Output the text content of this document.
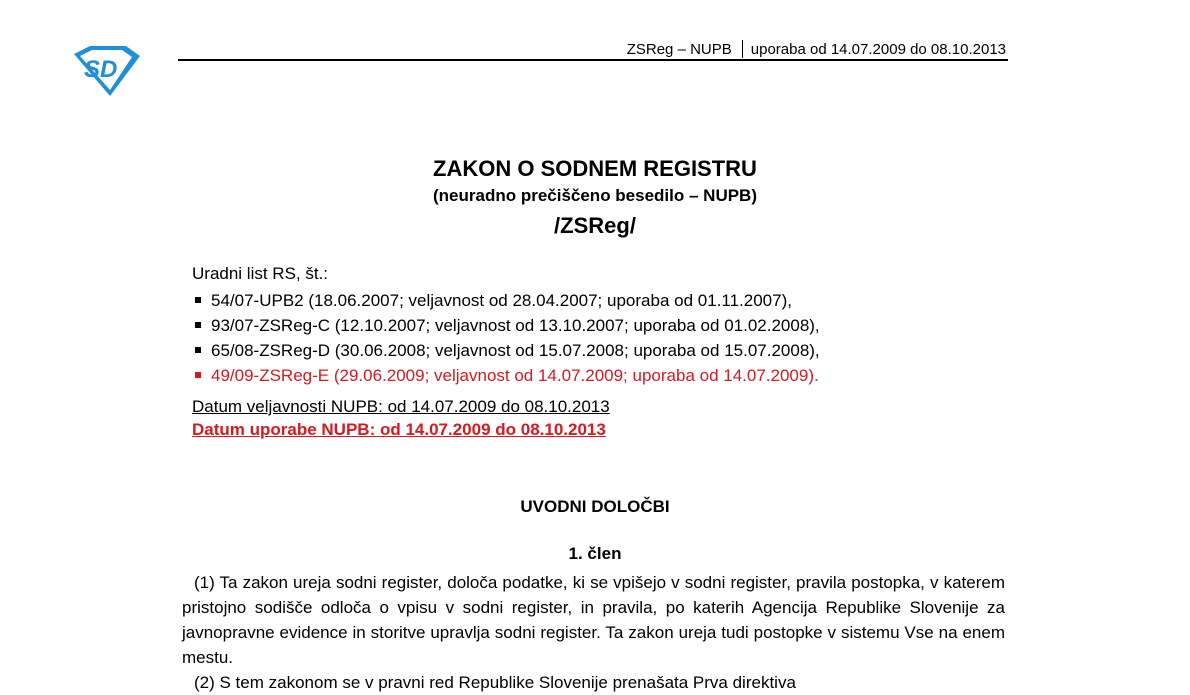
SD
ZSReg – NUPB uporaba od 14.07.2009 do 08.10.2013
ZAKON O SODNEM REGISTRU
(neuradno prečiščeno besedilo – NUPB)
/ZSReg/
Uradni list RS, št.:
54/07-UPB2 (18.06.2007; veljavnost od 28.04.2007; uporaba od 01.11.2007),
93/07-ZSReg-C (12.10.2007; veljavnost od 13.10.2007; uporaba od 01.02.2008),
65/08-ZSReg-D (30.06.2008; veljavnost od 15.07.2008; uporaba od 15.07.2008),
49/09-ZSReg-E (29.06.2009; veljavnost od 14.07.2009; uporaba od 14.07.2009).
Datum veljavnosti NUPB: od 14.07.2009 do 08.10.2013
Datum uporabe NUPB: od 14.07.2009 do 08.10.2013
UVODNI DOLOČBI
1. člen

(1) Ta zakon ureja sodni register, določa podatke, ki se vpišejo v sodni register, pravila postopka, v katerem pristojno sodišče odloča o vpisu v sodni register, in pravila, po katerih Agencija Republike Slovenije za javnopravne evidence in storitve upravlja sodni register. Ta zakon ureja tudi postopke v sistemu Vse na enem mestu.

(2) S tem zakonom se v pravni red Republike Slovenije prenašata Prva direktiva
